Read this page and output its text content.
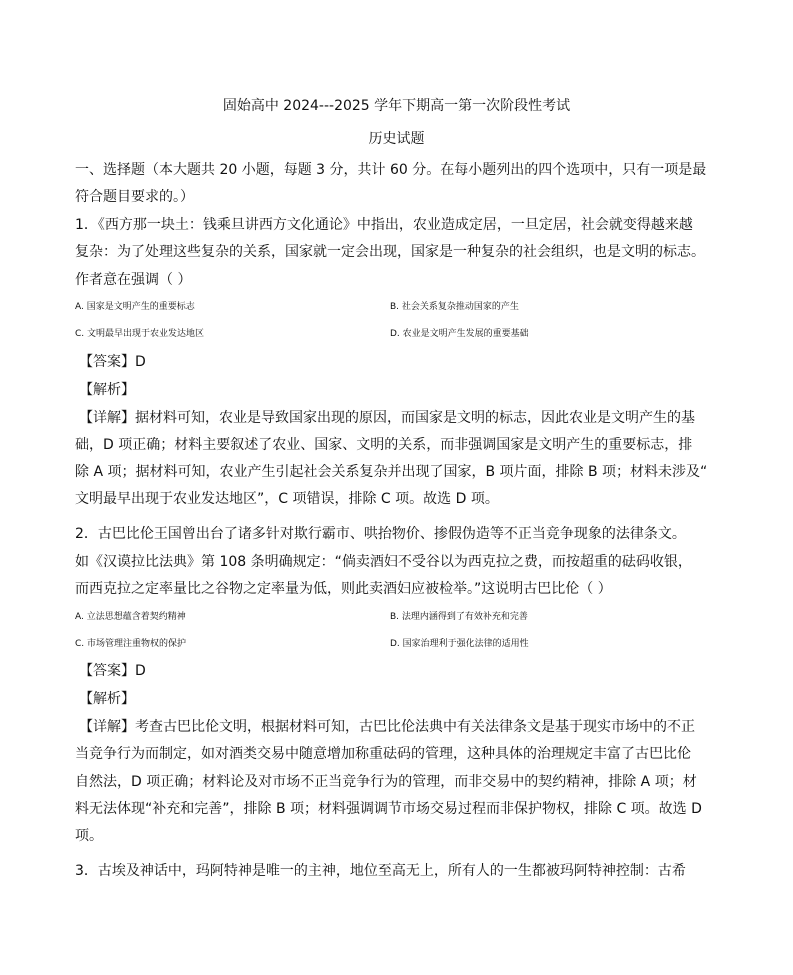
固始高中 2024---2025 学年下期高一第一次阶段性考试
历史试题
一、选择题（本大题共 20 小题，每题 3 分，共计 60 分。在每小题列出的四个选项中，只有一项是最
符合题目要求的。）
1．《西方那一块土：钱乘旦讲西方文化通论》中指出，农业造成定居，一旦定居，社会就变得越来越
复杂：为了处理这些复杂的关系，国家就一定会出现，国家是一种复杂的社会组织，也是文明的标志。
作者意在强调（ ）
A. 国家是文明产生的重要标志	B. 社会关系复杂推动国家的产生
C. 文明最早出现于农业发达地区	D. 农业是文明产生发展的重要基础
【答案】D
【解析】
【详解】据材料可知，农业是导致国家出现的原因，而国家是文明的标志，因此农业是文明产生的基
础，D 项正确；材料主要叙述了农业、国家、文明的关系，而非强调国家是文明产生的重要标志，排
除 A 项；据材料可知，农业产生引起社会关系复杂并出现了国家，B 项片面，排除 B 项；材料未涉及“
文明最早出现于农业发达地区”，C 项错误，排除 C 项。故选 D 项。
2．古巴比伦王国曾出台了诸多针对欺行霸市、哄抬物价、掺假伪造等不正当竞争现象的法律条文。
如《汉谟拉比法典》第 108 条明确规定：“倘卖酒妇不受谷以为西克拉之费，而按超重的砝码收银，
而西克拉之定率量比之谷物之定率量为低，则此卖酒妇应被检举。”这说明古巴比伦（ ）
A. 立法思想蕴含着契约精神	B. 法理内涵得到了有效补充和完善
C. 市场管理注重物权的保护	D. 国家治理利于强化法律的适用性
【答案】D
【解析】
【详解】考查古巴比伦文明，根据材料可知，古巴比伦法典中有关法律条文是基于现实市场中的不正
当竞争行为而制定，如对酒类交易中随意增加称重砝码的管理，这种具体的治理规定丰富了古巴比伦
自然法，D 项正确；材料论及对市场不正当竞争行为的管理，而非交易中的契约精神，排除 A 项；材
料无法体现“补充和完善”，排除 B 项；材料强调调节市场交易过程而非保护物权，排除 C 项。故选 D
项。
3．古埃及神话中，玛阿特神是唯一的主神，地位至高无上，所有人的一生都被玛阿特神控制：古希
